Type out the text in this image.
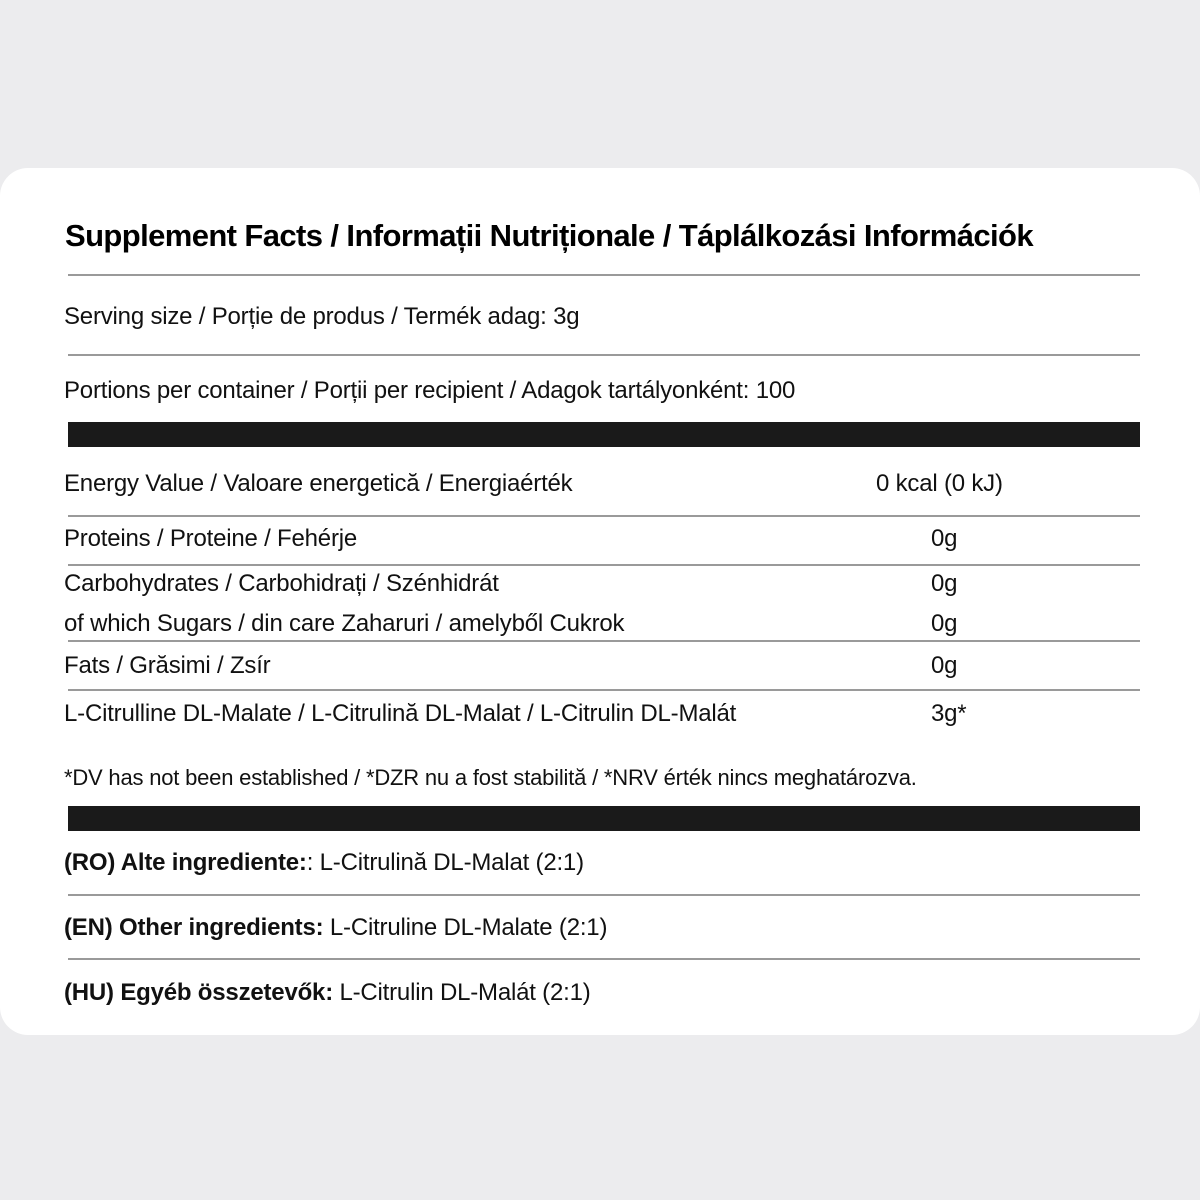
Supplement Facts / Informații Nutriționale / Táplálkozási Információk
Serving size / Porție de produs / Termék adag: 3g
Portions per container / Porții per recipient / Adagok tartályonként: 100
Energy Value / Valoare energetică / Energiaérték	0 kcal (0 kJ)
Proteins / Proteine / Fehérje	0g
Carbohydrates / Carbohidrați / Szénhidrát	0g
of which Sugars / din care Zaharuri / amelyből Cukrok	0g
Fats / Grăsimi / Zsír	0g
L-Citrulline DL-Malate / L-Citrulină DL-Malat / L-Citrulin DL-Malát	3g*
*DV has not been established / *DZR nu a fost stabilită / *NRV érték nincs meghatározva.
(RO) Alte ingrediente:: L-Citrulină DL-Malat (2:1)
(EN) Other ingredients: L-Citruline DL-Malate (2:1)
(HU) Egyéb összetevők: L-Citrulin DL-Malát (2:1)
